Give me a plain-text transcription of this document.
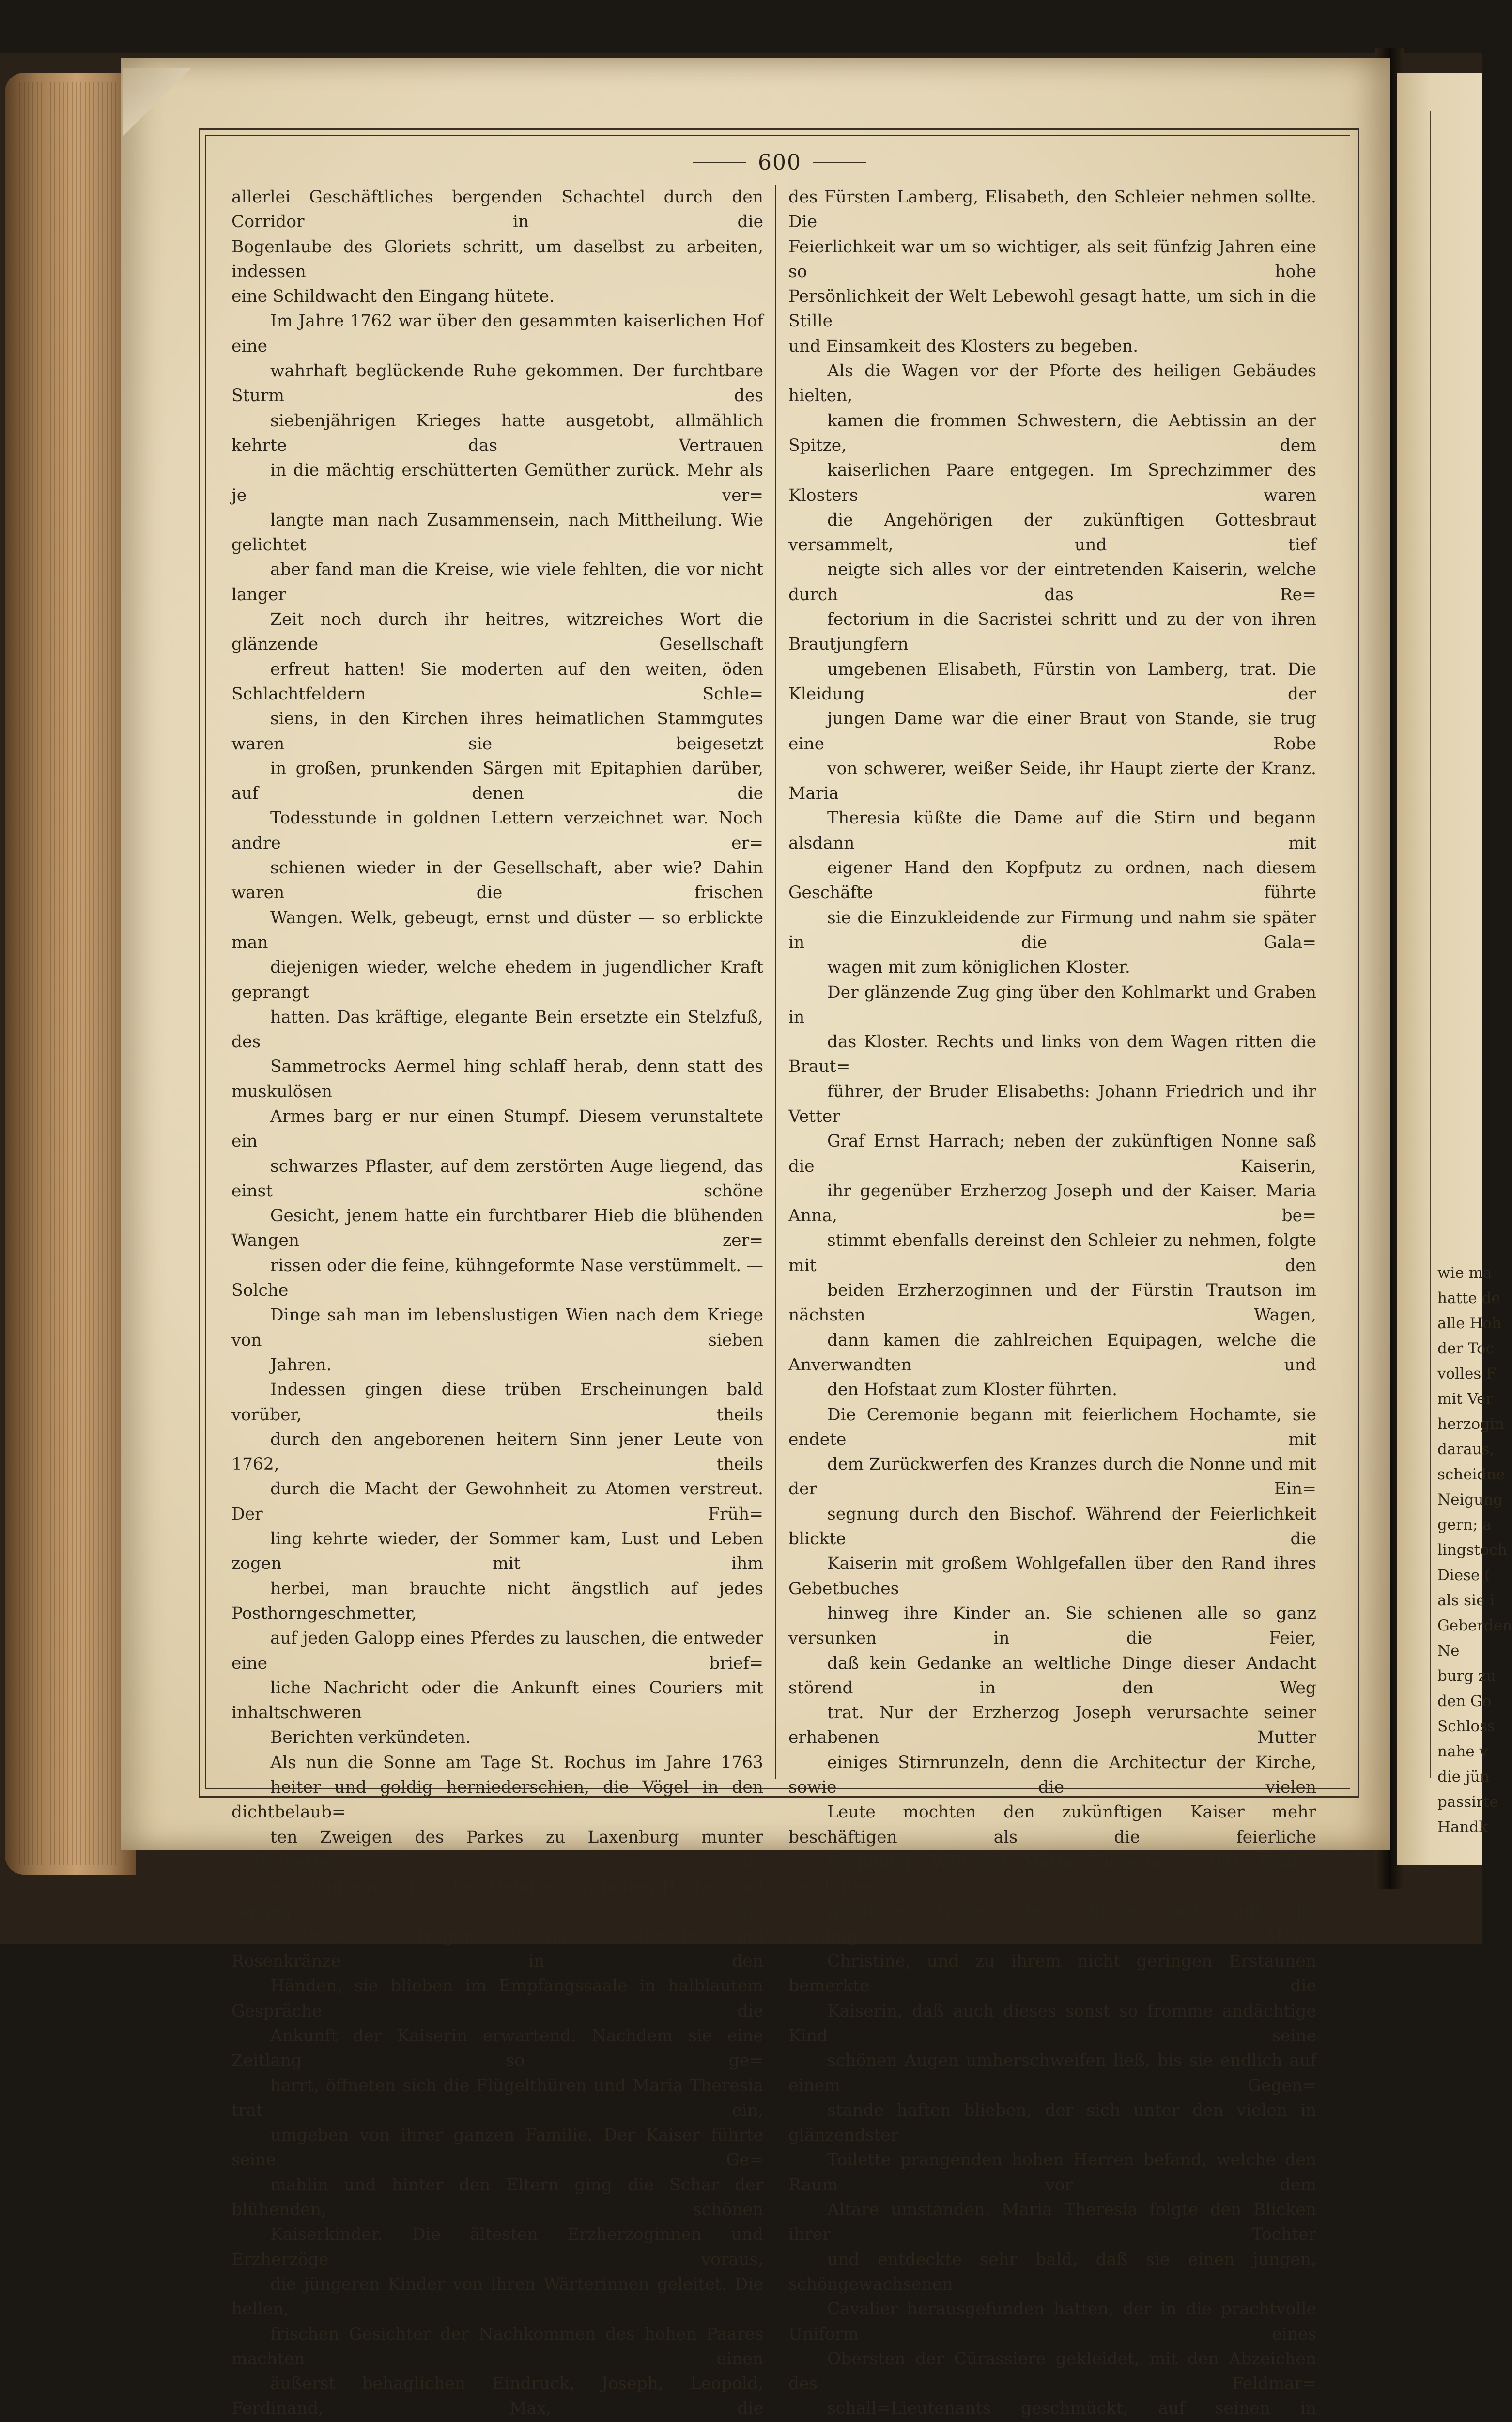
wie ma
hatte de
alle Hoh
der Toc
volles F
mit Ver
herzogin
daraus,
scheidne
Neigung
gern; a
lingstoch
Diese (
als sie i
Geberden
Ne
burg zu
den Go
Schloss
nahe v
die jün
passirte
Handk
600

allerlei Geschäftliches bergenden Schachtel durch den Corridor in die
Bogenlaube des Gloriets schritt, um daselbst zu arbeiten, indessen
eine Schildwacht den Eingang hütete.

Im Jahre 1762 war über den gesammten kaiserlichen Hof eine
wahrhaft beglückende Ruhe gekommen. Der furchtbare Sturm des
siebenjährigen Krieges hatte ausgetobt, allmählich kehrte das Vertrauen
in die mächtig erschütterten Gemüther zurück. Mehr als je ver=
langte man nach Zusammensein, nach Mittheilung. Wie gelichtet
aber fand man die Kreise, wie viele fehlten, die vor nicht langer
Zeit noch durch ihr heitres, witzreiches Wort die glänzende Gesellschaft
erfreut hatten! Sie moderten auf den weiten, öden Schlachtfeldern Schle=
siens, in den Kirchen ihres heimatlichen Stammgutes waren sie beigesetzt
in großen, prunkenden Särgen mit Epitaphien darüber, auf denen die
Todesstunde in goldnen Lettern verzeichnet war. Noch andre er=
schienen wieder in der Gesellschaft, aber wie? Dahin waren die frischen
Wangen. Welk, gebeugt, ernst und düster — so erblickte man
diejenigen wieder, welche ehedem in jugendlicher Kraft geprangt
hatten. Das kräftige, elegante Bein ersetzte ein Stelzfuß, des
Sammetrocks Aermel hing schlaff herab, denn statt des muskulösen
Armes barg er nur einen Stumpf. Diesem verunstaltete ein
schwarzes Pflaster, auf dem zerstörten Auge liegend, das einst schöne
Gesicht, jenem hatte ein furchtbarer Hieb die blühenden Wangen zer=
rissen oder die feine, kühngeformte Nase verstümmelt. — Solche
Dinge sah man im lebenslustigen Wien nach dem Kriege von sieben
Jahren.

Indessen gingen diese trüben Erscheinungen bald vorüber, theils
durch den angeborenen heitern Sinn jener Leute von 1762, theils
durch die Macht der Gewohnheit zu Atomen verstreut. Der Früh=
ling kehrte wieder, der Sommer kam, Lust und Leben zogen mit ihm
herbei, man brauchte nicht ängstlich auf jedes Posthorngeschmetter,
auf jeden Galopp eines Pferdes zu lauschen, die entweder eine brief=
liche Nachricht oder die Ankunft eines Couriers mit inhaltschweren
Berichten verkündeten.

Als nun die Sonne am Tage St. Rochus im Jahre 1763
heiter und goldig herniederschien, die Vögel in den dichtbelaub=
ten Zweigen des Parkes zu Laxenburg munter zwitscherten, da
erschien ein zahlreiches Gefolge von hohen Herren und Damen im
Schlosse. Sie trugen alle ihre Gebetbücher und Rosenkränze in den
Händen, sie blieben im Empfangssaale in halblautem Gespräche die
Ankunft der Kaiserin erwartend. Nachdem sie eine Zeitlang so ge=
harrt, öffneten sich die Flügelthüren und Maria Theresia trat ein,
umgeben von ihrer ganzen Familie. Der Kaiser führte seine Ge=
mahlin und hinter den Eltern ging die Schar der blühenden, schönen
Kaiserkinder. Die ältesten Erzherzoginnen und Erzherzöge voraus,
die jüngeren Kinder von ihren Wärterinnen geleitet. Die hellen,
frischen Gesichter der Nachkommen des hohen Paares machten einen
äußerst behaglichen Eindruck, Joseph, Leopold, Ferdinand, Max, die

des Fürsten Lamberg, Elisabeth, den Schleier nehmen sollte. Die
Feierlichkeit war um so wichtiger, als seit fünfzig Jahren eine so hohe
Persönlichkeit der Welt Lebewohl gesagt hatte, um sich in die Stille
und Einsamkeit des Klosters zu begeben.

Als die Wagen vor der Pforte des heiligen Gebäudes hielten,
kamen die frommen Schwestern, die Aebtissin an der Spitze, dem
kaiserlichen Paare entgegen. Im Sprechzimmer des Klosters waren
die Angehörigen der zukünftigen Gottesbraut versammelt, und tief
neigte sich alles vor der eintretenden Kaiserin, welche durch das Re=
fectorium in die Sacristei schritt und zu der von ihren Brautjungfern
umgebenen Elisabeth, Fürstin von Lamberg, trat. Die Kleidung der
jungen Dame war die einer Braut von Stande, sie trug eine Robe
von schwerer, weißer Seide, ihr Haupt zierte der Kranz. Maria
Theresia küßte die Dame auf die Stirn und begann alsdann mit
eigener Hand den Kopfputz zu ordnen, nach diesem Geschäfte führte
sie die Einzukleidende zur Firmung und nahm sie später in die Gala=
wagen mit zum königlichen Kloster.

Der glänzende Zug ging über den Kohlmarkt und Graben in
das Kloster. Rechts und links von dem Wagen ritten die Braut=
führer, der Bruder Elisabeths: Johann Friedrich und ihr Vetter
Graf Ernst Harrach; neben der zukünftigen Nonne saß die Kaiserin,
ihr gegenüber Erzherzog Joseph und der Kaiser. Maria Anna, be=
stimmt ebenfalls dereinst den Schleier zu nehmen, folgte mit den
beiden Erzherzoginnen und der Fürstin Trautson im nächsten Wagen,
dann kamen die zahlreichen Equipagen, welche die Anverwandten und
den Hofstaat zum Kloster führten.

Die Ceremonie begann mit feierlichem Hochamte, sie endete mit
dem Zurückwerfen des Kranzes durch die Nonne und mit der Ein=
segnung durch den Bischof. Während der Feierlichkeit blickte die
Kaiserin mit großem Wohlgefallen über den Rand ihres Gebetbuches
hinweg ihre Kinder an. Sie schienen alle so ganz versunken in die Feier,
daß kein Gedanke an weltliche Dinge dieser Andacht störend in den Weg
trat. Nur der Erzherzog Joseph verursachte seiner erhabenen Mutter
einiges Stirnrunzeln, denn die Architectur der Kirche, sowie die vielen
Leute mochten den zukünftigen Kaiser mehr beschäftigen als die feierliche
Handlung. Während Maria Theresia so ihre Kinder verstohlen
musterte, trafen ihre Blicke auch auf die Lieblingstochter Marie
Christine, und zu ihrem nicht geringen Erstaunen bemerkte die
Kaiserin, daß auch dieses sonst so fromme andächtige Kind seine
schönen Augen umherschweifen ließ, bis sie endlich auf einem Gegen=
stande haften blieben, der sich unter den vielen in glänzendster
Toilette prangenden hohen Herren befand, welche den Raum vor dem
Altare umstanden. Maria Theresia folgte den Blicken ihrer Tochter
und entdeckte sehr bald, daß sie einen jungen, schöngewachsenen
Cavalier herausgefunden hatten, der in die prachtvolle Uniform eines
Obersten der Cürassiere gekleidet, mit den Abzeichen des Feldmar=
schall=Lieutenants geschmückt, auf seinen in
